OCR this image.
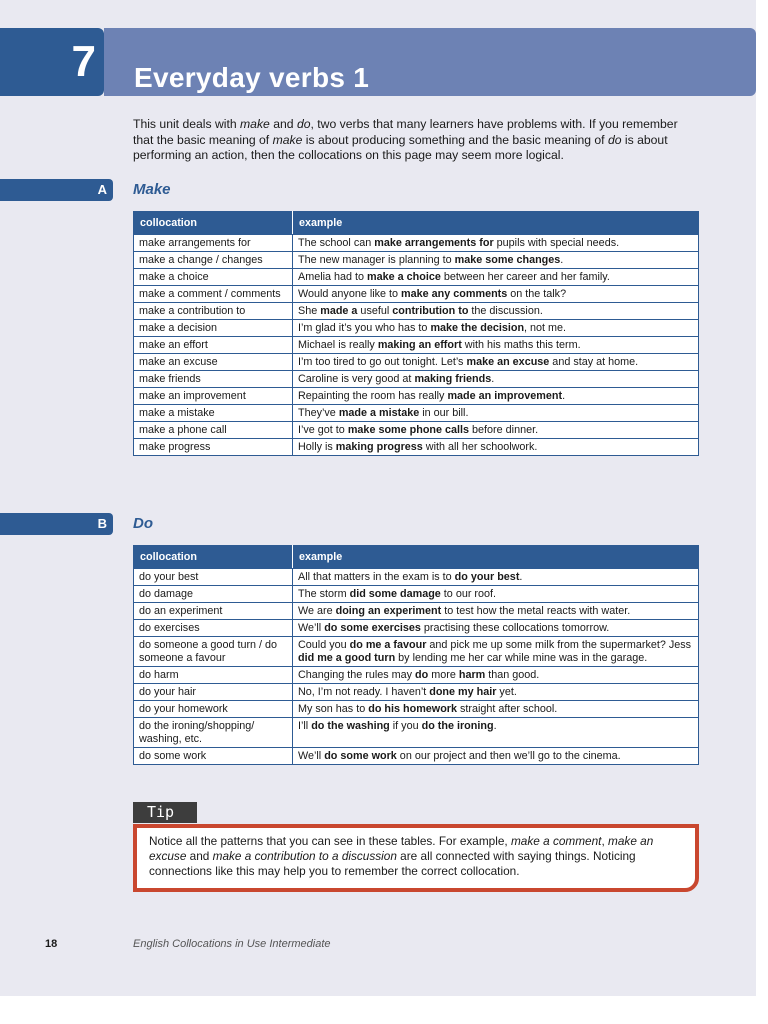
7 Everyday verbs 1
This unit deals with make and do, two verbs that many learners have problems with. If you remember that the basic meaning of make is about producing something and the basic meaning of do is about performing an action, then the collocations on this page may seem more logical.
A	Make
collocation	example
make arrangements for	The school can make arrangements for pupils with special needs.
make a change / changes	The new manager is planning to make some changes.
make a choice	Amelia had to make a choice between her career and her family.
make a comment / comments	Would anyone like to make any comments on the talk?
make a contribution to	She made a useful contribution to the discussion.
make a decision	I’m glad it’s you who has to make the decision, not me.
make an effort	Michael is really making an effort with his maths this term.
make an excuse	I’m too tired to go out tonight. Let’s make an excuse and stay at home.
make friends	Caroline is very good at making friends.
make an improvement	Repainting the room has really made an improvement.
make a mistake	They’ve made a mistake in our bill.
make a phone call	I’ve got to make some phone calls before dinner.
make progress	Holly is making progress with all her schoolwork.
B	Do
collocation	example
do your best	All that matters in the exam is to do your best.
do damage	The storm did some damage to our roof.
do an experiment	We are doing an experiment to test how the metal reacts with water.
do exercises	We’ll do some exercises practising these collocations tomorrow.
do someone a good turn / do someone a favour	Could you do me a favour and pick me up some milk from the supermarket? Jess did me a good turn by lending me her car while mine was in the garage.
do harm	Changing the rules may do more harm than good.
do your hair	No, I’m not ready. I haven’t done my hair yet.
do your homework	My son has to do his homework straight after school.
do the ironing/shopping/ washing, etc.	I’ll do the washing if you do the ironing.
do some work	We’ll do some work on our project and then we’ll go to the cinema.
Tip
Notice all the patterns that you can see in these tables. For example, make a comment, make an excuse and make a contribution to a discussion are all connected with saying things. Noticing connections like this may help you to remember the correct collocation.
18	English Collocations in Use Intermediate
